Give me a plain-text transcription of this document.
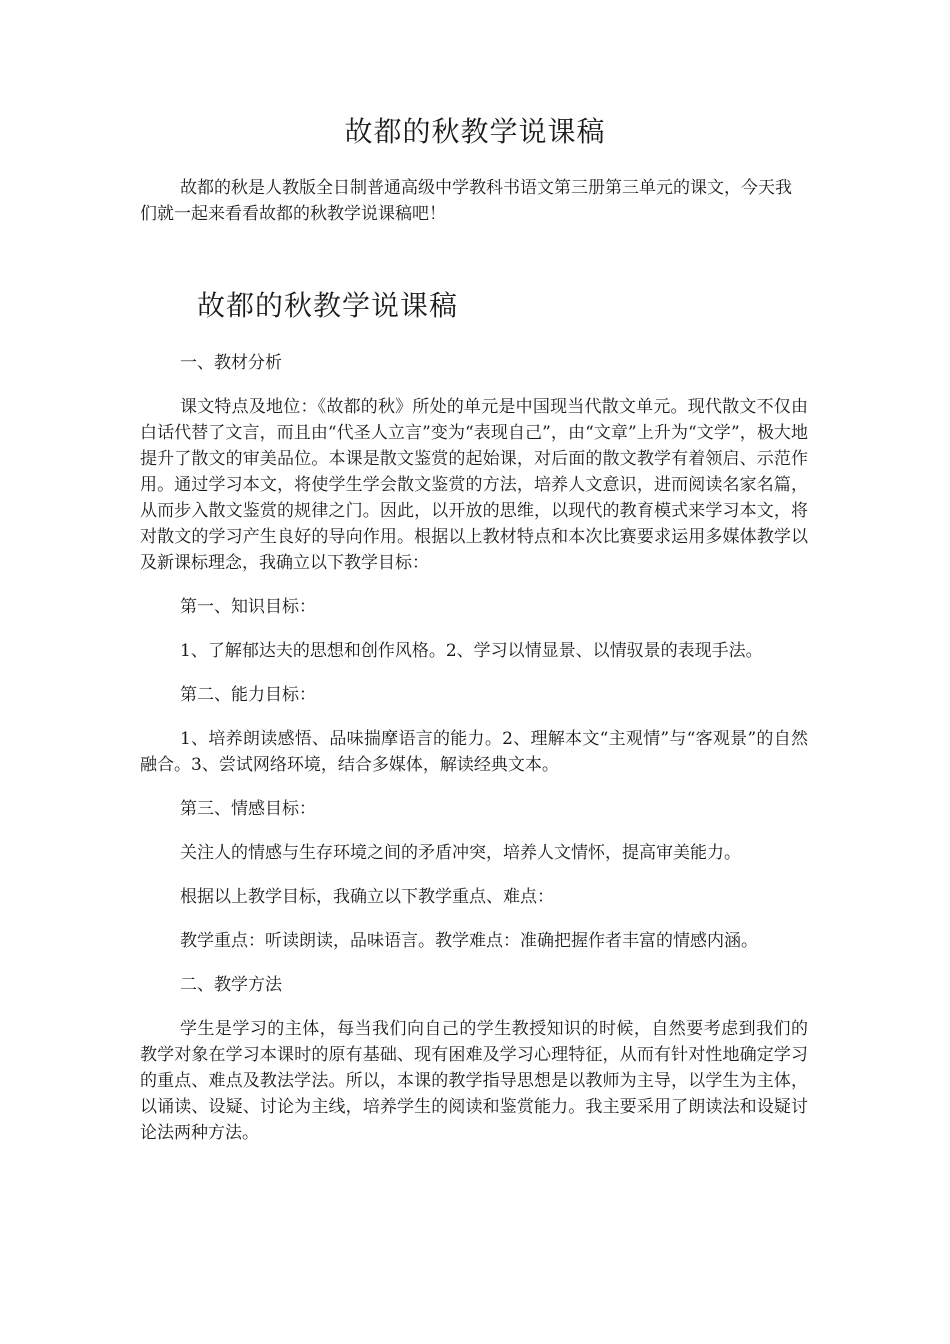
故都的秋教学说课稿

故都的秋是人教版全日制普通高级中学教科书语文第三册第三单元的课文，今天我们就一起来看看故都的秋教学说课稿吧！

故都的秋教学说课稿

一、教材分析

课文特点及地位：《故都的秋》所处的单元是中国现当代散文单元。现代散文不仅由白话代替了文言，而且由“代圣人立言”变为“表现自己”，由“文章”上升为“文学”，极大地提升了散文的审美品位。本课是散文鉴赏的起始课，对后面的散文教学有着领启、示范作用。通过学习本文，将使学生学会散文鉴赏的方法，培养人文意识，进而阅读名家名篇，从而步入散文鉴赏的规律之门。因此，以开放的思维，以现代的教育模式来学习本文，将对散文的学习产生良好的导向作用。根据以上教材特点和本次比赛要求运用多媒体教学以及新课标理念，我确立以下教学目标：

第一、知识目标：

1、了解郁达夫的思想和创作风格。2、学习以情显景、以情驭景的表现手法。

第二、能力目标：

1、培养朗读感悟、品味揣摩语言的能力。2、理解本文“主观情”与“客观景”的自然融合。3、尝试网络环境，结合多媒体，解读经典文本。

第三、情感目标：

关注人的情感与生存环境之间的矛盾冲突，培养人文情怀，提高审美能力。

根据以上教学目标，我确立以下教学重点、难点：

教学重点：听读朗读，品味语言。教学难点：准确把握作者丰富的情感内涵。

二、教学方法

学生是学习的主体，每当我们向自己的学生教授知识的时候，自然要考虑到我们的教学对象在学习本课时的原有基础、现有困难及学习心理特征，从而有针对性地确定学习的重点、难点及教法学法。所以，本课的教学指导思想是以教师为主导，以学生为主体，以诵读、设疑、讨论为主线，培养学生的阅读和鉴赏能力。我主要采用了朗读法和设疑讨论法两种方法。
